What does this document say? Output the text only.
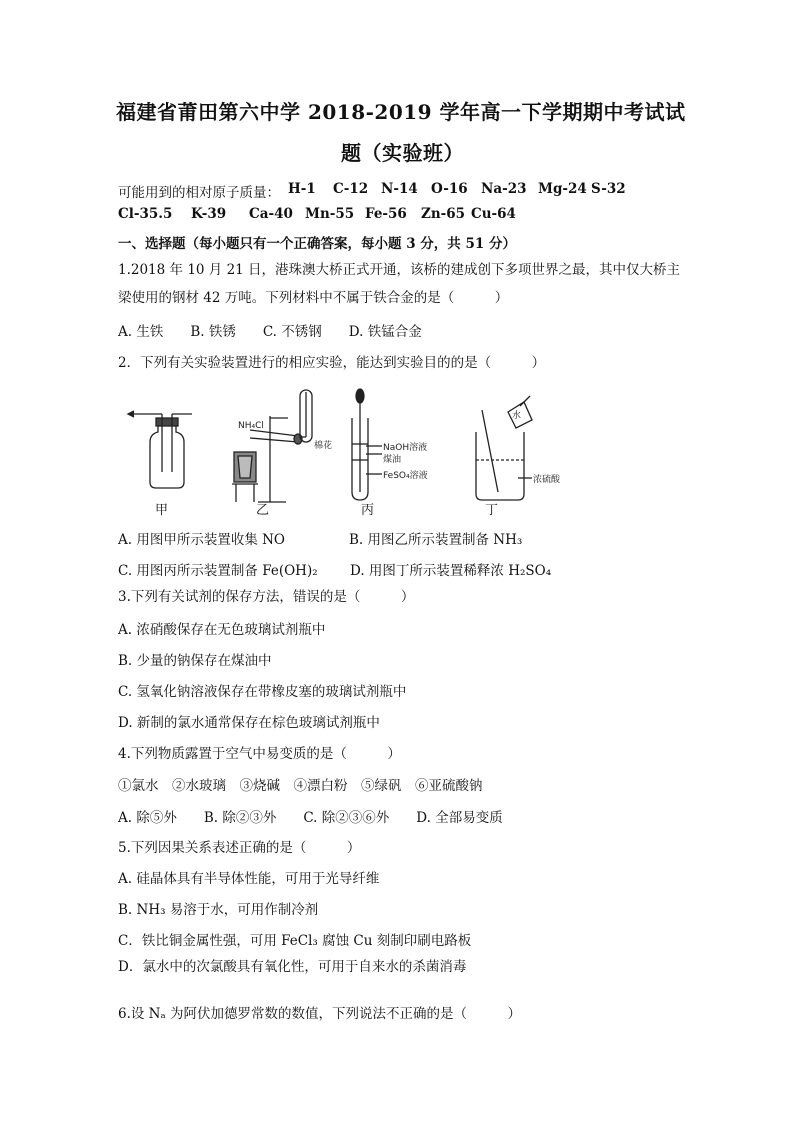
福建省莆田第六中学 2018-2019 学年高一下学期期中考试试
题（实验班）
可能用到的相对原子质量： H-1 C-12 N-14 O-16 Na-23 Mg-24 S-32
Cl-35.5 K-39 Ca-40 Mn-55 Fe-56 Zn-65 Cu-64
一、选择题（每小题只有一个正确答案，每小题 3 分，共 51 分）
1.2018 年 10 月 21 日，港珠澳大桥正式开通，该桥的建成创下多项世界之最，其中仅大桥主
梁使用的钢材 42 万吨。下列材料中不属于铁合金的是（　　　）
A. 生铁　　B. 铁锈　　C. 不锈钢　　D. 铁锰合金
2．下列有关实验装置进行的相应实验，能达到实验目的的是（　　　）
NH₄Cl
棉花	NaOH溶液
煤油
FeSO₄溶液
水
浓硫酸
甲	乙	丙	丁
A. 用图甲所示装置收集 NO	B. 用图乙所示装置制备 NH₃
C. 用图丙所示装置制备 Fe(OH)₂ D. 用图丁所示装置稀释浓 H₂SO₄
3.下列有关试剂的保存方法，错误的是（　　　）
A. 浓硝酸保存在无色玻璃试剂瓶中
B. 少量的钠保存在煤油中
C. 氢氧化钠溶液保存在带橡皮塞的玻璃试剂瓶中
D. 新制的氯水通常保存在棕色玻璃试剂瓶中
4.下列物质露置于空气中易变质的是（　　　）
①氯水　②水玻璃　③烧碱　④漂白粉　⑤绿矾　⑥亚硫酸钠
A. 除⑤外　　B. 除②③外　　C. 除②③⑥外　　D. 全部易变质
5.下列因果关系表述正确的是（　　　）
A. 硅晶体具有半导体性能，可用于光导纤维
B. NH₃ 易溶于水，可用作制冷剂
C．铁比铜金属性强，可用 FeCl₃ 腐蚀 Cu 刻制印刷电路板
D．氯水中的次氯酸具有氧化性，可用于自来水的杀菌消毒
6.设 Nₐ 为阿伏加德罗常数的数值，下列说法不正确的是（　　　）
